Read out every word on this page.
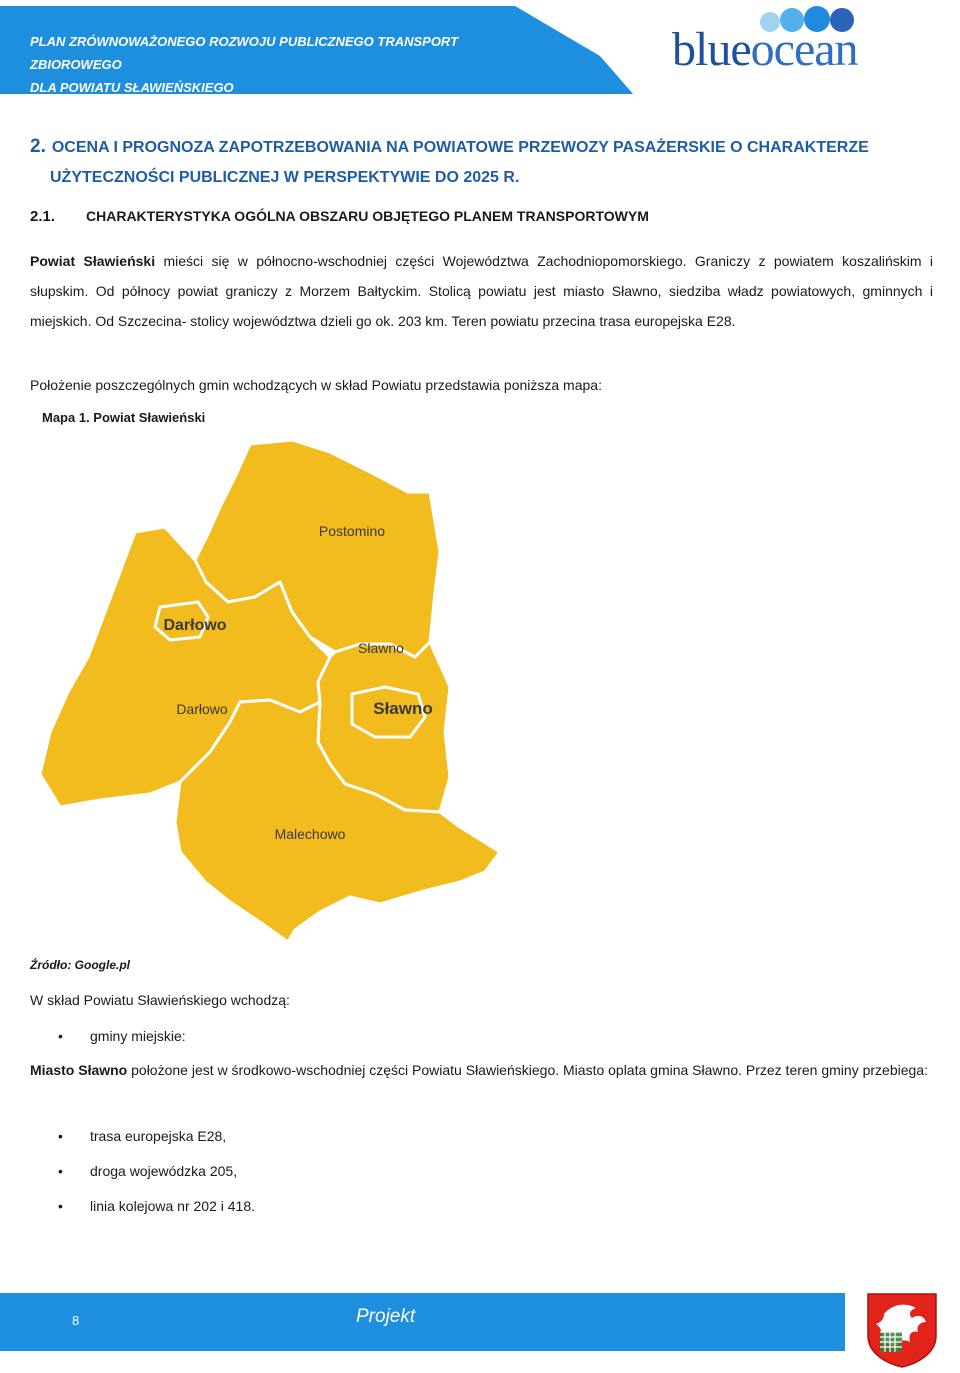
PLAN ZRÓWNOWAŻONEGO ROZWOJU PUBLICZNEGO TRANSPORT ZBIOROWEGO
DLA POWIATU SŁAWIEŃSKIEGO
blueocean
2. OCENA I PROGNOZA ZAPOTRZEBOWANIA NA POWIATOWE PRZEWOZY PASAŻERSKIE O CHARAKTERZE
UŻYTECZNOŚCI PUBLICZNEJ W PERSPEKTYWIE DO 2025 R.
2.1. CHARAKTERYSTYKA OGÓLNA OBSZARU OBJĘTEGO PLANEM TRANSPORTOWYM
Powiat Sławieński mieści się w północno-wschodniej części Województwa Zachodniopomorskiego. Graniczy z powiatem koszalińskim i słupskim. Od północy powiat graniczy z Morzem Bałtyckim. Stolicą powiatu jest miasto Sławno, siedziba władz powiatowych, gminnych i miejskich. Od Szczecina- stolicy województwa dzieli go ok. 203 km. Teren powiatu przecina trasa europejska E28.
Położenie poszczególnych gmin wchodzących w skład Powiatu przedstawia poniższa mapa:
Mapa 1. Powiat Sławieński
Postomino
Darłowo
Sławno
Sławno
Darłowo
Malechowo
Źródło: Google.pl
W skład Powiatu Sławieńskiego wchodzą:
• gminy miejskie:
Miasto Sławno położone jest w środkowo-wschodniej części Powiatu Sławieńskiego. Miasto oplata gmina Sławno. Przez teren gminy przebiega:
• trasa europejska E28,
• droga wojewódzka 205,
• linia kolejowa nr 202 i 418.
8	Projekt
